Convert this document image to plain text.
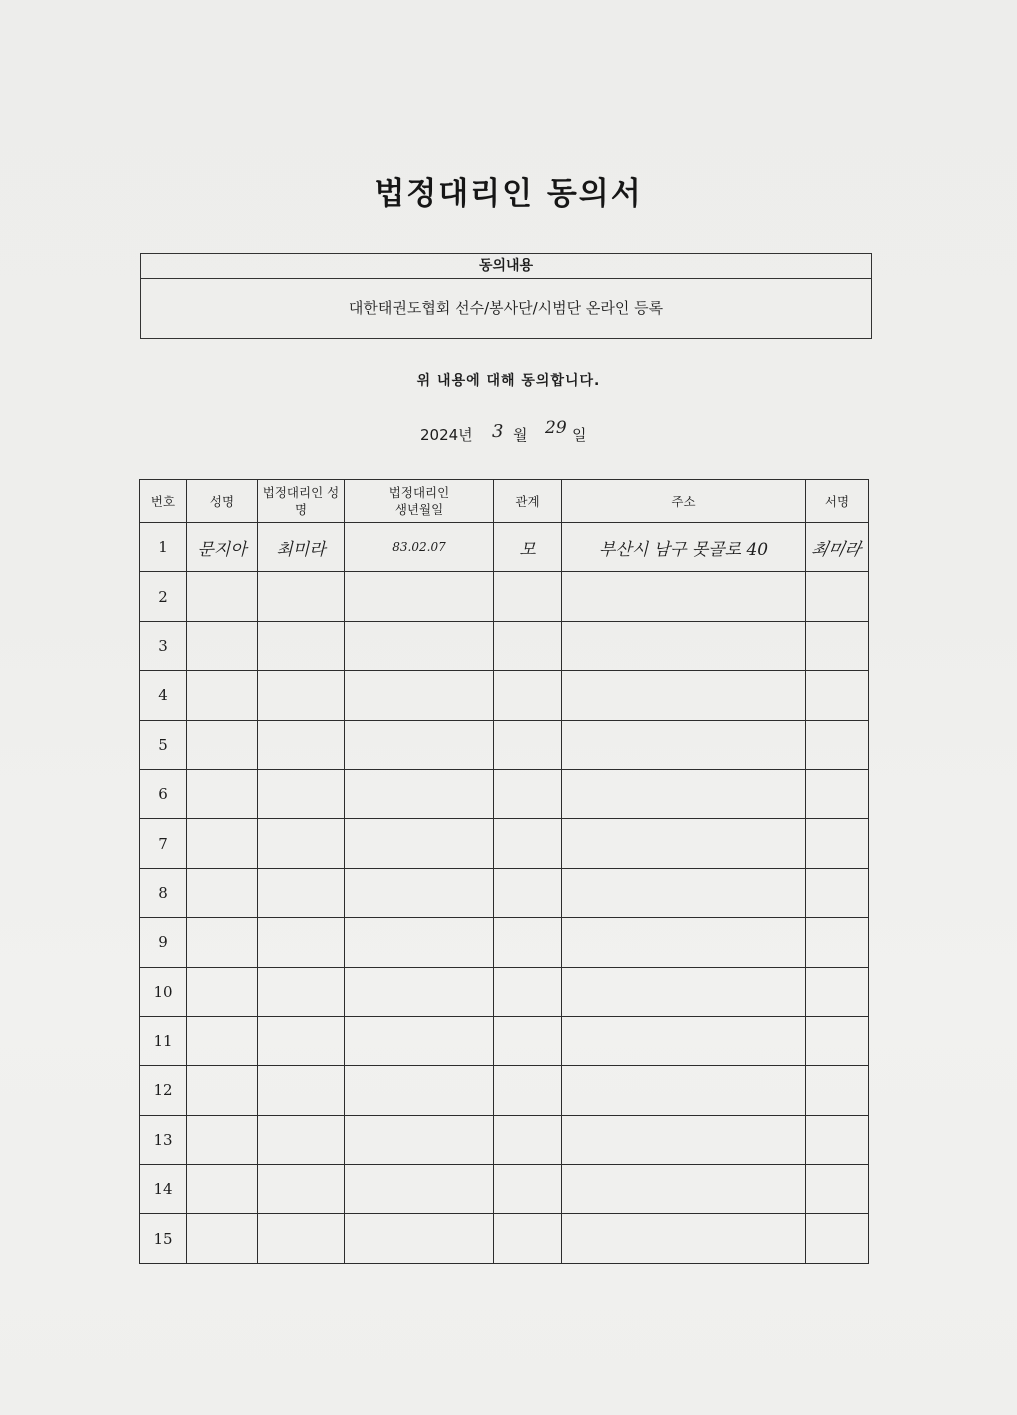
법정대리인 동의서
동의내용
대한태권도협회 선수/봉사단/시범단 온라인 등록
위 내용에 대해 동의합니다.
2024년 3 월 29 일
번호	성명	법정대리인 성명	법정대리인 생년월일	관계	주소	서명
1	문지아	최미라	83.02.07	모	부산시 남구 못골로 40	최미라
2						
3						
4						
5						
6						
7						
8						
9						
10						
11						
12						
13						
14						
15						
